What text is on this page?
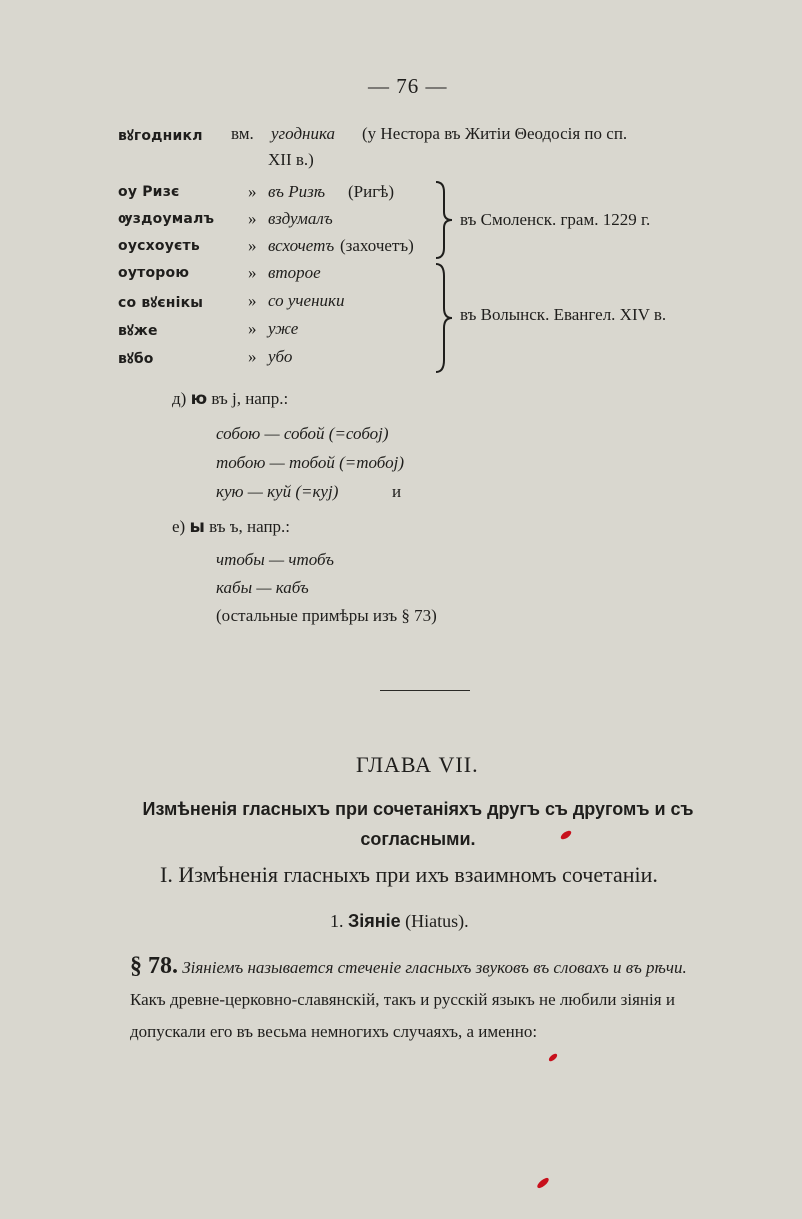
— 76 —
вꙋгодникл вм. угодника (у Нестора въ Житіи Θеодосія по сп.
XII в.)
оу Ризє	» въ Ризѣ (Ригѣ)
ѹздоумалъ » вздумалъ
оусхоуєть	» всхочетъ (захочетъ)
въ Смоленск. грам. 1229 г.
оуторою	» второе
со вꙋєнікы	» со ученики
вꙋже	» уже
вꙋбо	» убо
въ Волынск. Евангел. XIV в.
д) ю въ j, напр.:
собою — собой (=собоj)
тобою — тобой (=тобоj)
кую — куй (=куj)	и
е) ы въ ъ, напр.:
чтобы — чтобъ
кабы — кабъ
(остальные примѣры изъ § 73)
ГЛАВА VII.
Измѣненія гласныхъ при сочетаніяхъ другъ съ другомъ и съ согласными.
I. Измѣненія гласныхъ при ихъ взаимномъ сочетаніи.
1. Зіяніе (Hiatus).
§ 78. Зіяніемъ называется стеченіе гласныхъ звуковъ въ словахъ и въ рѣчи. Какъ древне-церковно-славянскій, такъ и русскій языкъ не любили зіянія и допускали его въ весьма немногихъ случаяхъ, а именно:
